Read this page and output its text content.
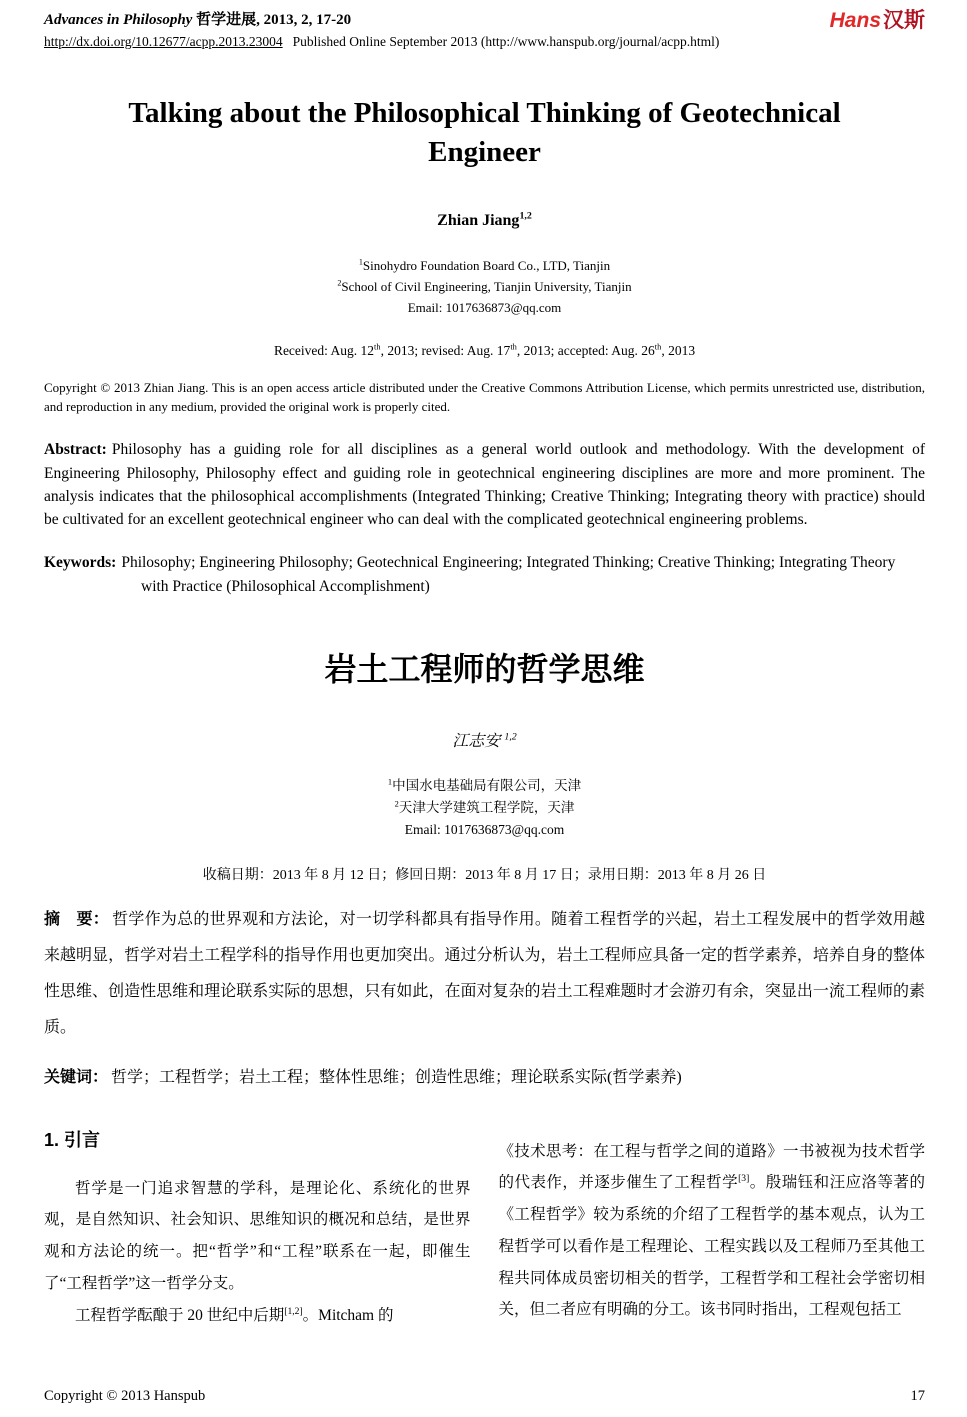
Advances in Philosophy 哲学进展, 2013, 2, 17-20
http://dx.doi.org/10.12677/acpp.2013.23004 Published Online September 2013 (http://www.hanspub.org/journal/acpp.html)
Hans汉斯
Talking about the Philosophical Thinking of Geotechnical Engineer
Zhian Jiang$^{1,2}$
$^1$Sinohydro Foundation Board Co., LTD, Tianjin
$^2$School of Civil Engineering, Tianjin University, Tianjin
Email: 1017636873@qq.com
Received: Aug. 12th, 2013; revised: Aug. 17th, 2013; accepted: Aug. 26th, 2013

Copyright © 2013 Zhian Jiang. This is an open access article distributed under the Creative Commons Attribution License, which permits unrestricted use, distribution, and reproduction in any medium, provided the original work is properly cited.

Abstract: Philosophy has a guiding role for all disciplines as a general world outlook and methodology. With the development of Engineering Philosophy, Philosophy effect and guiding role in geotechnical engineering disciplines are more and more prominent. The analysis indicates that the philosophical accomplishments (Integrated Thinking; Creative Thinking; Integrating theory with practice) should be cultivated for an excellent geotechnical engineer who can deal with the complicated geotechnical engineering problems.

Keywords: Philosophy; Engineering Philosophy; Geotechnical Engineering; Integrated Thinking; Creative Thinking; Integrating Theory with Practice (Philosophical Accomplishment)

岩土工程师的哲学思维
江志安 $^{1,2}$
$^1$中国水电基础局有限公司，天津
$^2$天津大学建筑工程学院，天津
Email: 1017636873@qq.com
收稿日期：2013 年 8 月 12 日；修回日期：2013 年 8 月 17 日；录用日期：2013 年 8 月 26 日

摘　要： 哲学作为总的世界观和方法论，对一切学科都具有指导作用。随着工程哲学的兴起，岩土工程发展中的哲学效用越来越明显，哲学对岩土工程学科的指导作用也更加突出。通过分析认为，岩土工程师应具备一定的哲学素养，培养自身的整体性思维、创造性思维和理论联系实际的思想，只有如此，在面对复杂的岩土工程难题时才会游刃有余，突显出一流工程师的素质。

关键词： 哲学；工程哲学；岩土工程；整体性思维；创造性思维；理论联系实际(哲学素养)

1. 引言

哲学是一门追求智慧的学科，是理论化、系统化的世界观，是自然知识、社会知识、思维知识的概况和总结，是世界观和方法论的统一。把“哲学”和“工程”联系在一起，即催生了“工程哲学”这一哲学分支。

工程哲学酝酿于 20 世纪中后期[1,2]。Mitcham 的

《技术思考：在工程与哲学之间的道路》一书被视为技术哲学的代表作，并逐步催生了工程哲学[3]。殷瑞钰和汪应洛等著的《工程哲学》较为系统的介绍了工程哲学的基本观点，认为工程哲学可以看作是工程理论、工程实践以及工程师乃至其他工程共同体成员密切相关的哲学，工程哲学和工程社会学密切相关，但二者应有明确的分工。该书同时指出，工程观包括工

Copyright © 2013 Hanspub	17
